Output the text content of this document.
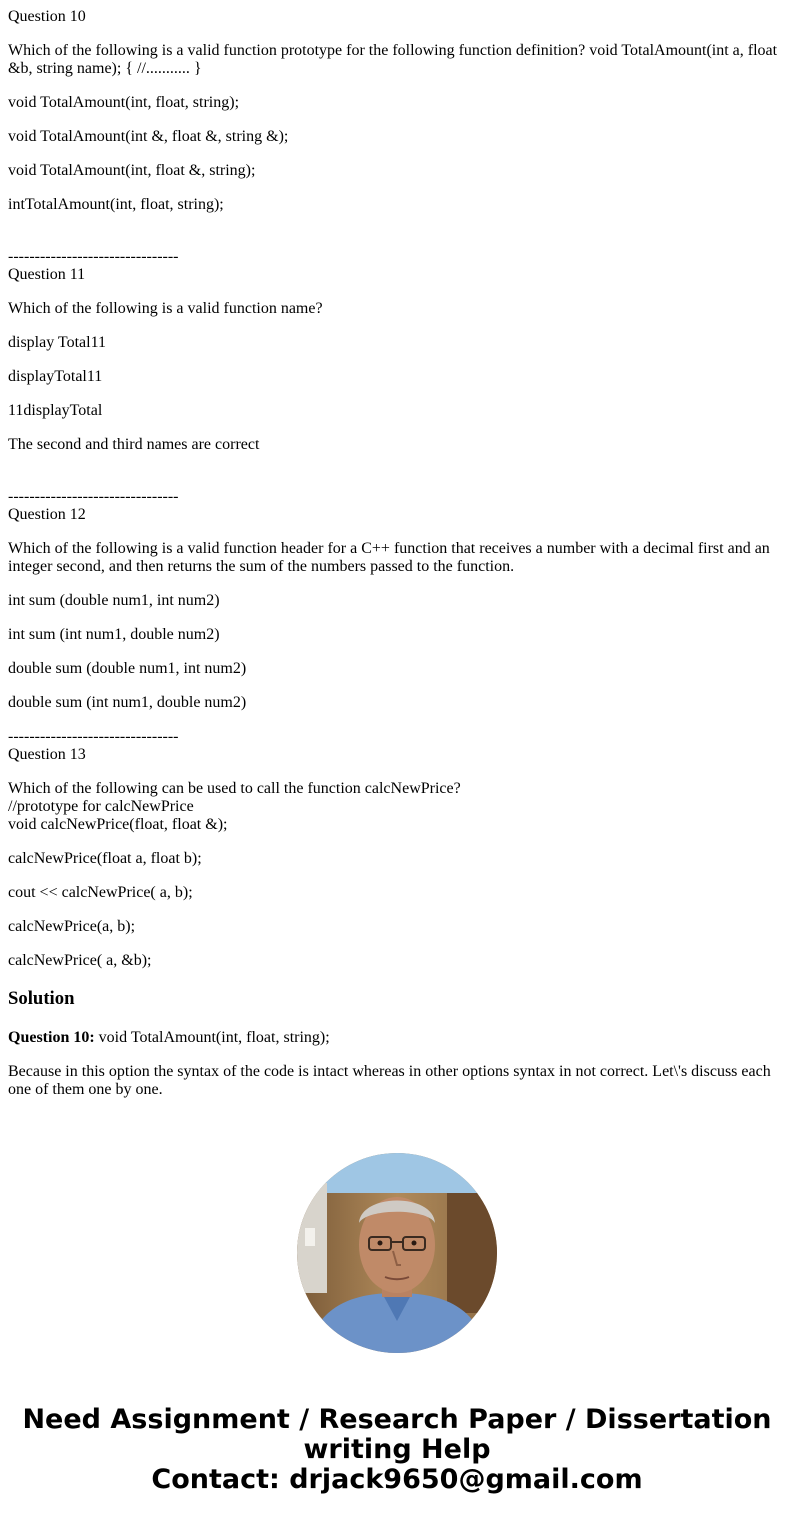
Question 10

Which of the following is a valid function prototype for the following function definition? void TotalAmount(int a, float &b, string name); { //........... }

void TotalAmount(int, float, string);

void TotalAmount(int &, float &, string &);

void TotalAmount(int, float &, string);

intTotalAmount(int, float, string);

--------------------------------
Question 11

Which of the following is a valid function name?

display Total11

displayTotal11

11displayTotal

The second and third names are correct

--------------------------------
Question 12

Which of the following is a valid function header for a C++ function that receives a number with a decimal first and an integer second, and then returns the sum of the numbers passed to the function.

int sum (double num1, int num2)

int sum (int num1, double num2)

double sum (double num1, int num2)

double sum (int num1, double num2)

--------------------------------
Question 13

Which of the following can be used to call the function calcNewPrice?
//prototype for calcNewPrice
void calcNewPrice(float, float &);

calcNewPrice(float a, float b);

cout << calcNewPrice( a, b);

calcNewPrice(a, b);

calcNewPrice( a, &b);

Solution

Question 10: void TotalAmount(int, float, string);

Because in this option the syntax of the code is intact whereas in other options syntax in not correct. Let\'s discuss each one of them one by one.

Need Assignment / Research Paper / Dissertation
writing Help
Contact: drjack9650@gmail.com
